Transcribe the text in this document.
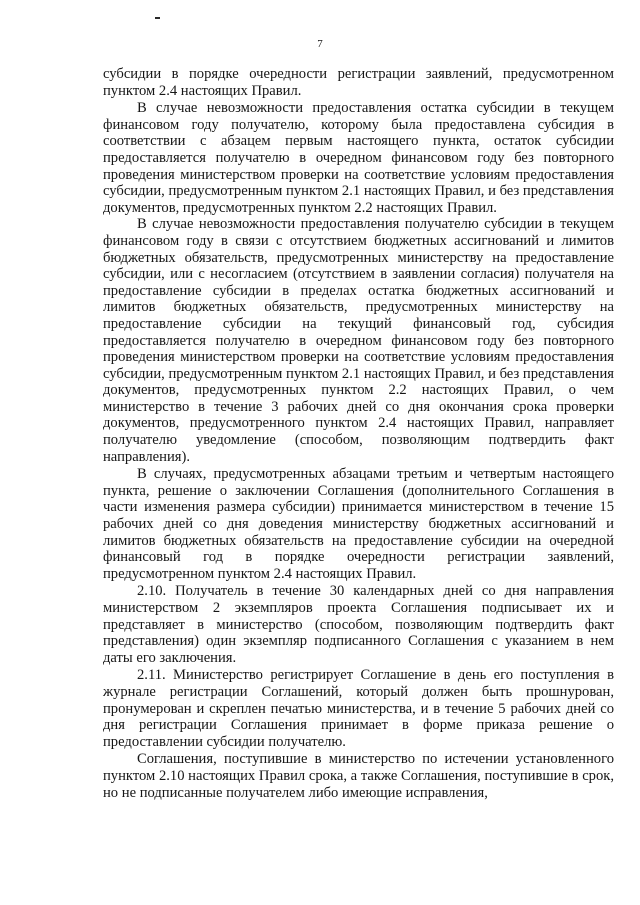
7

субсидии в порядке очередности регистрации заявлений, предусмотренном пунктом 2.4 настоящих Правил.

В случае невозможности предоставления остатка субсидии в текущем финансовом году получателю, которому была предоставлена субсидия в соответствии с абзацем первым настоящего пункта, остаток субсидии предоставляется получателю в очередном финансовом году без повторного проведения министерством проверки на соответствие условиям предоставления субсидии, предусмотренным пунктом 2.1 настоящих Правил, и без представления документов, предусмотренных пунктом 2.2 настоящих Правил.

В случае невозможности предоставления получателю субсидии в текущем финансовом году в связи с отсутствием бюджетных ассигнований и лимитов бюджетных обязательств, предусмотренных министерству на предоставление субсидии, или с несогласием (отсутствием в заявлении согласия) получателя на предоставление субсидии в пределах остатка бюджетных ассигнований и лимитов бюджетных обязательств, предусмотренных министерству на предоставление субсидии на текущий финансовый год, субсидия предоставляется получателю в очередном финансовом году без повторного проведения министерством проверки на соответствие условиям предоставления субсидии, предусмотренным пунктом 2.1 настоящих Правил, и без представления документов, предусмотренных пунктом 2.2 настоящих Правил, о чем министерство в течение 3 рабочих дней со дня окончания срока проверки документов, предусмотренного пунктом 2.4 настоящих Правил, направляет получателю уведомление (способом, позволяющим подтвердить факт направления).

В случаях, предусмотренных абзацами третьим и четвертым настоящего пункта, решение о заключении Соглашения (дополнительного Соглашения в части изменения размера субсидии) принимается министерством в течение 15 рабочих дней со дня доведения министерству бюджетных ассигнований и лимитов бюджетных обязательств на предоставление субсидии на очередной финансовый год в порядке очередности регистрации заявлений, предусмотренном пунктом 2.4 настоящих Правил.

2.10. Получатель в течение 30 календарных дней со дня направления министерством 2 экземпляров проекта Соглашения подписывает их и представляет в министерство (способом, позволяющим подтвердить факт представления) один экземпляр подписанного Соглашения с указанием в нем даты его заключения.

2.11. Министерство регистрирует Соглашение в день его поступления в журнале регистрации Соглашений, который должен быть прошнурован, пронумерован и скреплен печатью министерства, и в течение 5 рабочих дней со дня регистрации Соглашения принимает в форме приказа решение о предоставлении субсидии получателю.

Соглашения, поступившие в министерство по истечении установленного пунктом 2.10 настоящих Правил срока, а также Соглашения, поступившие в срок, но не подписанные получателем либо имеющие исправления,
